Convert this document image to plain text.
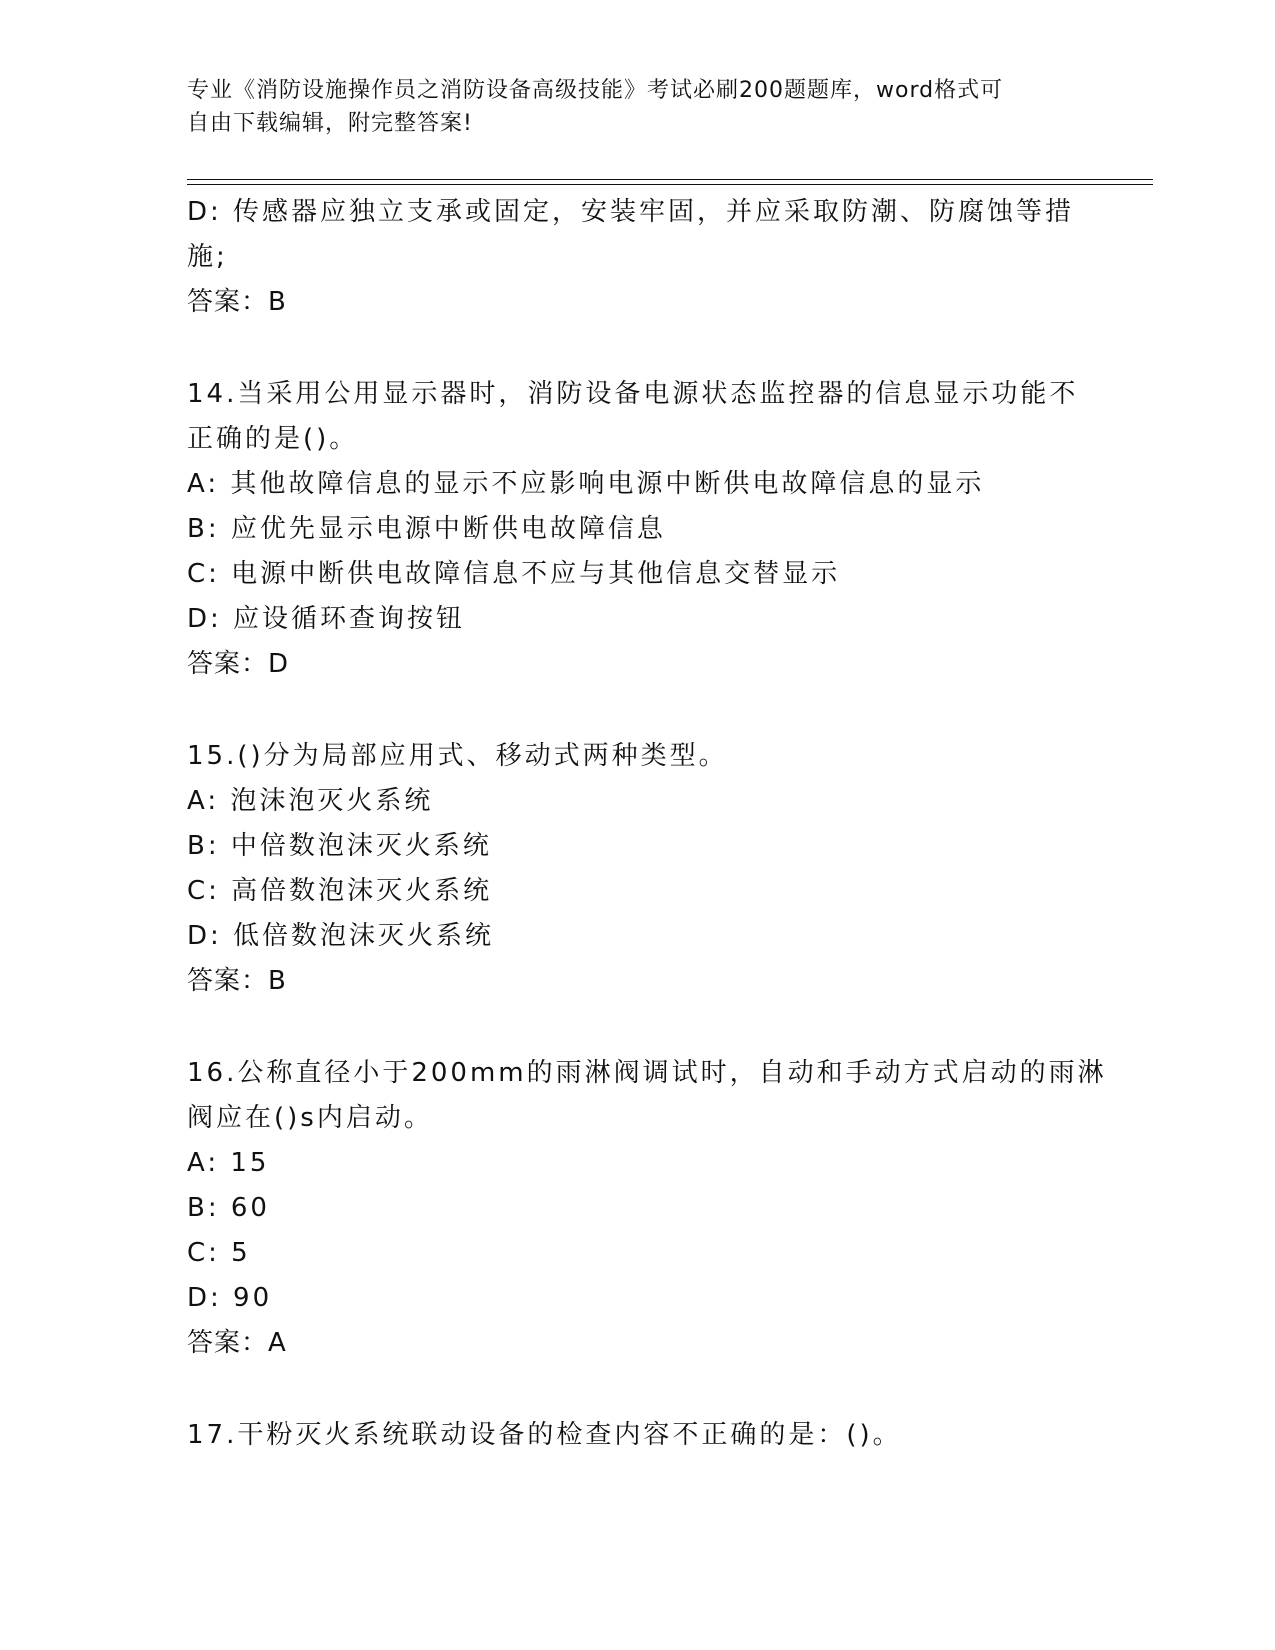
专业《消防设施操作员之消防设备高级技能》考试必刷200题题库，word格式可
自由下载编辑，附完整答案!
D: 传感器应独立支承或固定，安装牢固，并应采取防潮、防腐蚀等措
施;
答案：B
14.当采用公用显示器时，消防设备电源状态监控器的信息显示功能不
正确的是()。
A: 其他故障信息的显示不应影响电源中断供电故障信息的显示
B: 应优先显示电源中断供电故障信息
C: 电源中断供电故障信息不应与其他信息交替显示
D: 应设循环查询按钮
答案：D
15.()分为局部应用式、移动式两种类型。
A: 泡沫泡灭火系统
B: 中倍数泡沫灭火系统
C: 高倍数泡沫灭火系统
D: 低倍数泡沫灭火系统
答案：B
16.公称直径小于200mm的雨淋阀调试时，自动和手动方式启动的雨淋
阀应在()s内启动。
A: 15
B: 60
C: 5
D: 90
答案：A
17.干粉灭火系统联动设备的检查内容不正确的是：()。
